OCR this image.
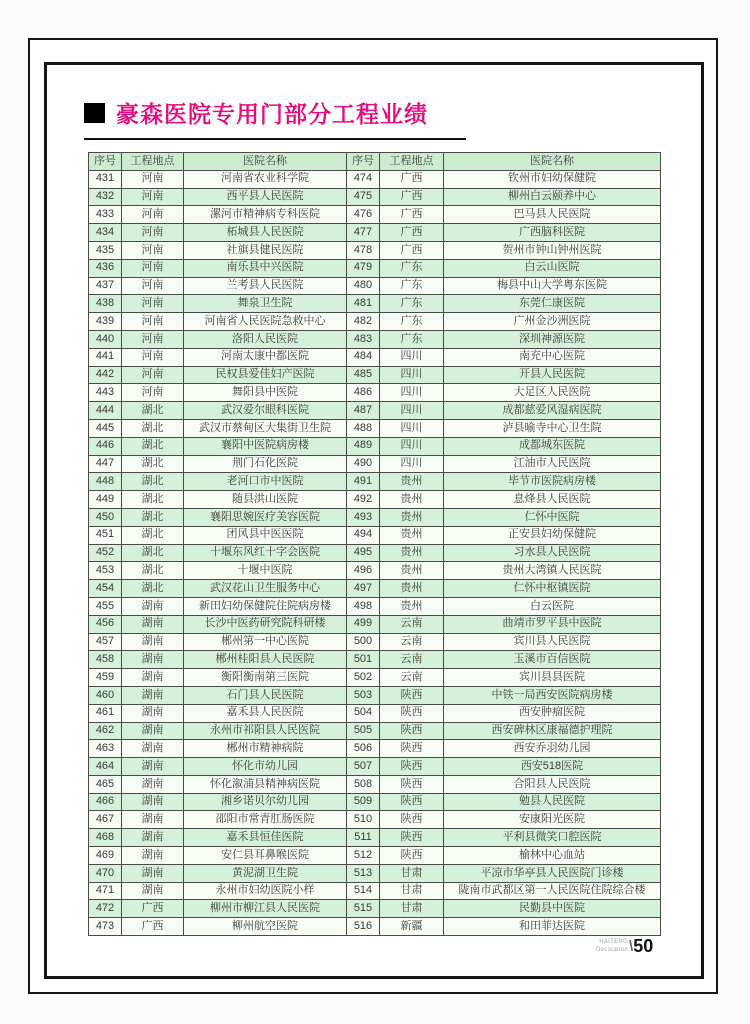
豪森医院专用门部分工程业绩
序号	工程地点	医院名称	序号	工程地点	医院名称
431	河南	河南省农业科学院	474	广西	钦州市妇幼保健院
432	河南	西平县人民医院	475	广西	柳州白云颐养中心
433	河南	漯河市精神病专科医院	476	广西	巴马县人民医院
434	河南	柘城县人民医院	477	广西	广西脑科医院
435	河南	社旗县健民医院	478	广西	贺州市钟山钟州医院
436	河南	南乐县中兴医院	479	广东	白云山医院
437	河南	兰考县人民医院	480	广东	梅县中山大学粤东医院
438	河南	舞泉卫生院	481	广东	东莞仁康医院
439	河南	河南省人民医院急救中心	482	广东	广州金沙洲医院
440	河南	洛阳人民医院	483	广东	深圳神源医院
441	河南	河南太康中都医院	484	四川	南充中心医院
442	河南	民权县爱佳妇产医院	485	四川	开县人民医院
443	河南	舞阳县中医院	486	四川	大足区人民医院
444	湖北	武汉爱尔眼科医院	487	四川	成都慈爱风湿病医院
445	湖北	武汉市蔡甸区大集街卫生院	488	四川	泸县喻寺中心卫生院
446	湖北	襄阳中医院病房楼	489	四川	成都城东医院
447	湖北	荆门石化医院	490	四川	江油市人民医院
448	湖北	老河口市中医院	491	贵州	毕节市医院病房楼
449	湖北	随县洪山医院	492	贵州	息烽县人民医院
450	湖北	襄阳思婉医疗美容医院	493	贵州	仁怀中医院
451	湖北	团风县中医医院	494	贵州	正安县妇幼保健院
452	湖北	十堰东风红十字会医院	495	贵州	习水县人民医院
453	湖北	十堰中医院	496	贵州	贵州大湾镇人民医院
454	湖北	武汉花山卫生服务中心	497	贵州	仁怀中枢镇医院
455	湖南	新田妇幼保健院住院病房楼	498	贵州	白云医院
456	湖南	长沙中医药研究院科研楼	499	云南	曲靖市罗平县中医院
457	湖南	郴州第一中心医院	500	云南	宾川县人民医院
458	湖南	郴州桂阳县人民医院	501	云南	玉溪市百信医院
459	湖南	衡阳衡南第三医院	502	云南	宾川县县医院
460	湖南	石门县人民医院	503	陕西	中铁一局西安医院病房楼
461	湖南	嘉禾县人民医院	504	陕西	西安肿瘤医院
462	湖南	永州市祁阳县人民医院	505	陕西	西安碑林区康福德护理院
463	湖南	郴州市精神病院	506	陕西	西安乔羽幼儿园
464	湖南	怀化市幼儿园	507	陕西	西安518医院
465	湖南	怀化溆浦县精神病医院	508	陕西	合阳县人民医院
466	湖南	湘乡诺贝尔幼儿园	509	陕西	勉县人民医院
467	湖南	邵阳市常青肛肠医院	510	陕西	安康阳光医院
468	湖南	嘉禾县恒佳医院	511	陕西	平利县微笑口腔医院
469	湖南	安仁县耳鼻喉医院	512	陕西	榆林中心血站
470	湖南	黄泥湖卫生院	513	甘肃	平凉市华亭县人民医院门诊楼
471	湖南	永州市妇幼医院小样	514	甘肃	陇南市武都区第一人民医院住院综合楼
472	广西	柳州市柳江县人民医院	515	甘肃	民勤县中医院
473	广西	柳州航空医院	516	新疆	和田菲达医院
HAITENG
Decoration \ 50
